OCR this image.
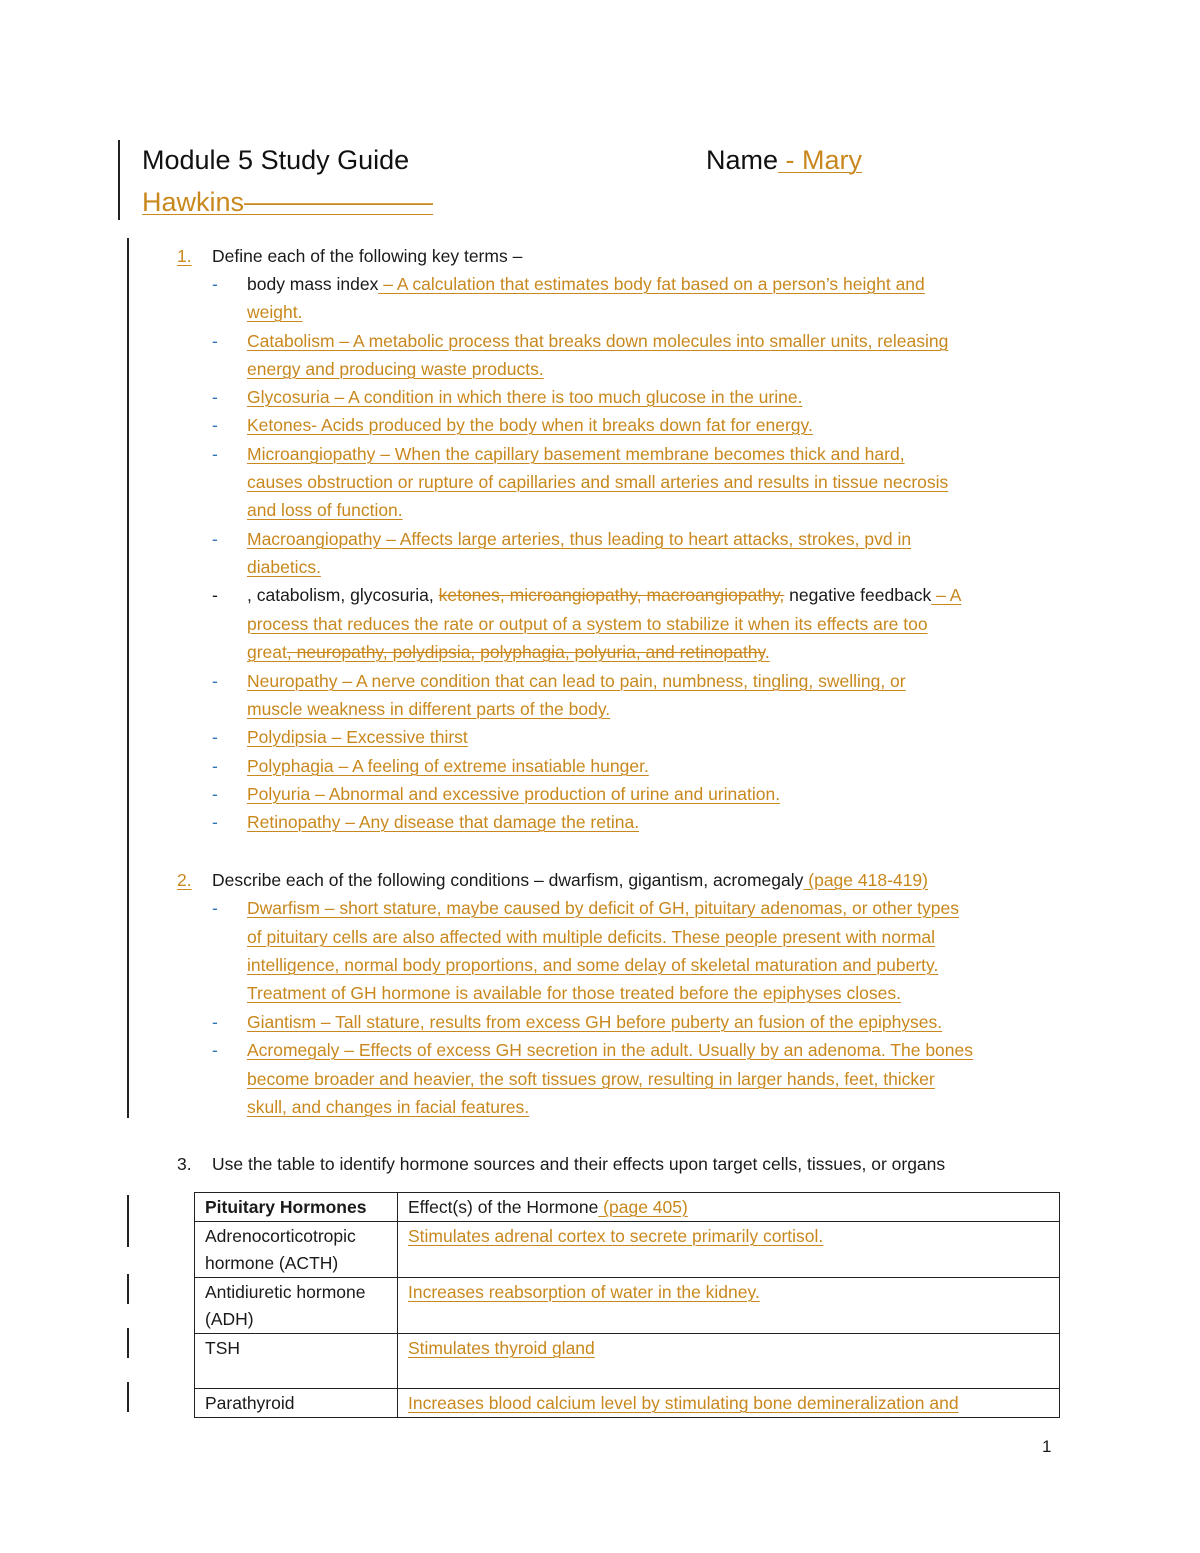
Module 5 Study Guide	Name - Mary
Hawkins———————
1. Define each of the following key terms –
-	body mass index – A calculation that estimates body fat based on a person’s height and
weight.
-	Catabolism – A metabolic process that breaks down molecules into smaller units, releasing
energy and producing waste products.
-	Glycosuria – A condition in which there is too much glucose in the urine.
-	Ketones- Acids produced by the body when it breaks down fat for energy.
-	Microangiopathy – When the capillary basement membrane becomes thick and hard,
causes obstruction or rupture of capillaries and small arteries and results in tissue necrosis
and loss of function.
-	Macroangiopathy – Affects large arteries, thus leading to heart attacks, strokes, pvd in
diabetics.
-	, catabolism, glycosuria, ketones, microangiopathy, macroangiopathy, negative feedback – A
process that reduces the rate or output of a system to stabilize it when its effects are too
great, neuropathy, polydipsia, polyphagia, polyuria, and retinopathy.
-	Neuropathy – A nerve condition that can lead to pain, numbness, tingling, swelling, or
muscle weakness in different parts of the body.
-	Polydipsia – Excessive thirst
-	Polyphagia – A feeling of extreme insatiable hunger.
-	Polyuria – Abnormal and excessive production of urine and urination.
-	Retinopathy – Any disease that damage the retina.
2. Describe each of the following conditions – dwarfism, gigantism, acromegaly (page 418-419)
-	Dwarfism – short stature, maybe caused by deficit of GH, pituitary adenomas, or other types
of pituitary cells are also affected with multiple deficits. These people present with normal
intelligence, normal body proportions, and some delay of skeletal maturation and puberty.
Treatment of GH hormone is available for those treated before the epiphyses closes.
-	Giantism – Tall stature, results from excess GH before puberty an fusion of the epiphyses.
-	Acromegaly – Effects of excess GH secretion in the adult. Usually by an adenoma. The bones
become broader and heavier, the soft tissues grow, resulting in larger hands, feet, thicker
skull, and changes in facial features.
3. Use the table to identify hormone sources and their effects upon target cells, tissues, or organs
Pituitary Hormones	Effect(s) of the Hormone (page 405)
Adrenocorticotropic hormone (ACTH)	Stimulates adrenal cortex to secrete primarily cortisol.
Antidiuretic hormone (ADH)	Increases reabsorption of water in the kidney.
TSH	Stimulates thyroid gland
Parathyroid	Increases blood calcium level by stimulating bone demineralization and
1
